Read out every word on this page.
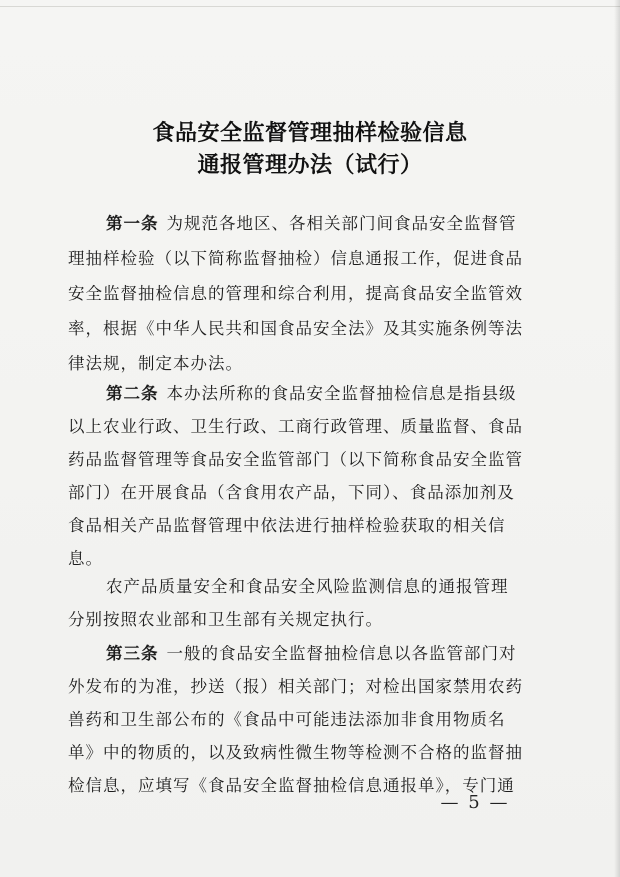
食品安全监督管理抽样检验信息
通报管理办法（试行）
第一条 为规范各地区、各相关部门间食品安全监督管
理抽样检验（以下简称监督抽检）信息通报工作，促进食品
安全监督抽检信息的管理和综合利用，提高食品安全监管效
率，根据《中华人民共和国食品安全法》及其实施条例等法
律法规，制定本办法。
第二条 本办法所称的食品安全监督抽检信息是指县级
以上农业行政、卫生行政、工商行政管理、质量监督、食品
药品监督管理等食品安全监管部门（以下简称食品安全监管
部门）在开展食品（含食用农产品，下同）、食品添加剂及
食品相关产品监督管理中依法进行抽样检验获取的相关信
息。
农产品质量安全和食品安全风险监测信息的通报管理
分别按照农业部和卫生部有关规定执行。
第三条 一般的食品安全监督抽检信息以各监管部门对
外发布的为准，抄送（报）相关部门；对检出国家禁用农药
兽药和卫生部公布的《食品中可能违法添加非食用物质名
单》中的物质的，以及致病性微生物等检测不合格的监督抽
检信息，应填写《食品安全监督抽检信息通报单》，专门通
— 5 —
